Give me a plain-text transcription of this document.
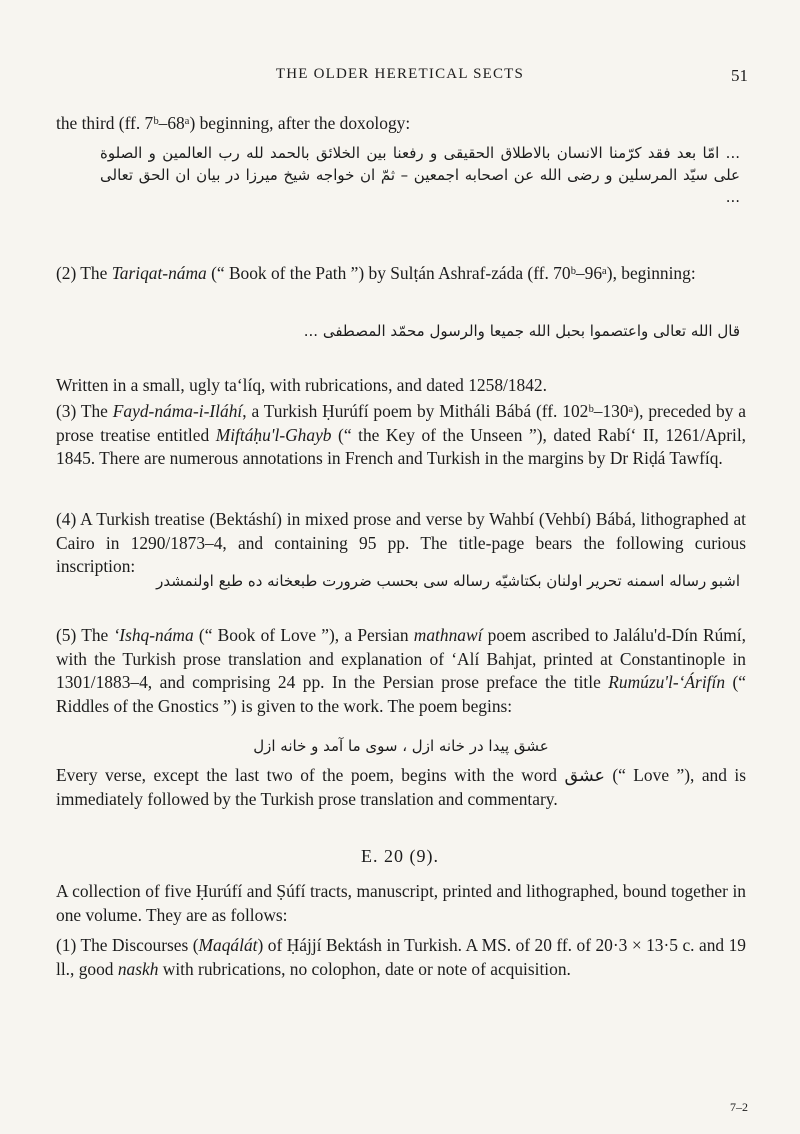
THE OLDER HERETICAL SECTS	51

the third (ff. 7ᵇ–68ᵃ) beginning, after the doxology:

... امّا بعد فقد كرّمنا الانسان بالاطلاق الحقيقى و رفعنا بين الخلائق بالحمد لله رب العالمين و الصلوة على سيّد المرسلين و رضى الله عن اصحابه اجمعين – ثمّ ان خواجه شيخ ميرزا در بيان ان الحق تعالى ...

(2) The Tariqat-náma (“ Book of the Path ”) by Sulṭán Ashraf-záda (ff. 70ᵇ–96ᵃ), beginning:

قال الله تعالى واعتصموا بحبل الله جميعا والرسول محمّد المصطفى ...

Written in a small, ugly ta‘líq, with rubrications, and dated 1258/1842.

(3) The Fayd-náma-i-Iláhí, a Turkish Ḥurúfí poem by Mitháli Bábá (ff. 102ᵇ–130ᵃ), preceded by a prose treatise entitled Miftáḥu'l-Ghayb (“ the Key of the Unseen ”), dated Rabí‘ II, 1261/April, 1845. There are numerous annotations in French and Turkish in the margins by Dr Riḍá Tawfíq.

(4) A Turkish treatise (Bektáshí) in mixed prose and verse by Wahbí (Vehbí) Bábá, lithographed at Cairo in 1290/1873–4, and containing 95 pp. The title-page bears the following curious inscription:

اشبو رساله اسمنه تحرير اولنان بكتاشيّه رساله سى بحسب ضرورت طبعخانه ده طبع اولنمشدر

(5) The ‘Ishq-náma (“ Book of Love ”), a Persian mathnawí poem ascribed to Jalálu'd-Dín Rúmí, with the Turkish prose translation and explanation of ‘Alí Bahjat, printed at Constantinople in 1301/1883–4, and comprising 24 pp. In the Persian prose preface the title Rumúzu'l-‘Árifín (“ Riddles of the Gnostics ”) is given to the work. The poem begins:

عشق پیدا در خانه ازل ، سوی ما آمد و خانه ازل

Every verse, except the last two of the poem, begins with the word عشق (“ Love ”), and is immediately followed by the Turkish prose translation and commentary.

E. 20 (9).

A collection of five Ḥurúfí and Ṣúfí tracts, manuscript, printed and lithographed, bound together in one volume. They are as follows:

(1) The Discourses (Maqálát) of Ḥájjí Bektásh in Turkish. A MS. of 20 ff. of 20·3 × 13·5 c. and 19 ll., good naskh with rubrications, no colophon, date or note of acquisition.

7–2
